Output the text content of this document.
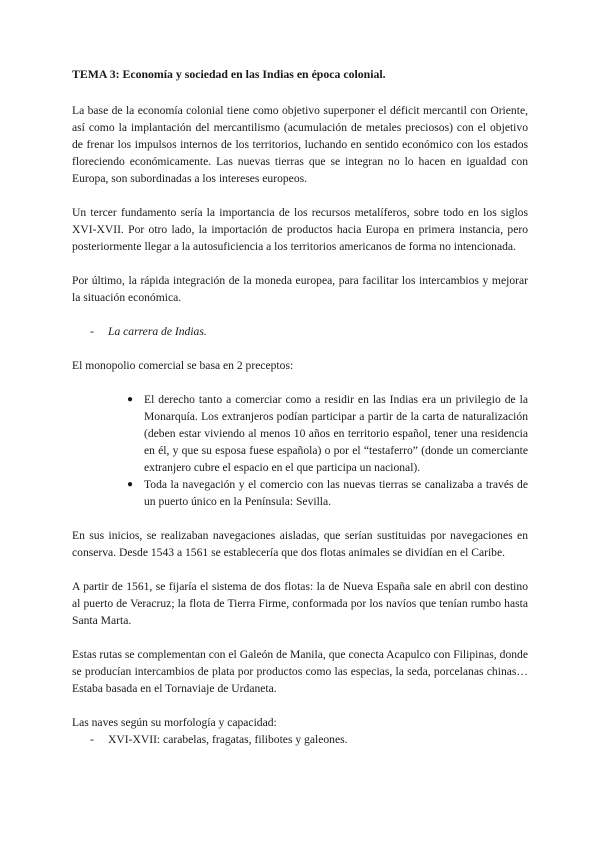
TEMA 3: Economía y sociedad en las Indias en época colonial.

La base de la economía colonial tiene como objetivo superponer el déficit mercantil con Oriente, así como la implantación del mercantilismo (acumulación de metales preciosos) con el objetivo de frenar los impulsos internos de los territorios, luchando en sentido económico con los estados floreciendo económicamente. Las nuevas tierras que se integran no lo hacen en igualdad con Europa, son subordinadas a los intereses europeos.

Un tercer fundamento sería la importancia de los recursos metalíferos, sobre todo en los siglos XVI-XVII. Por otro lado, la importación de productos hacia Europa en primera instancia, pero posteriormente llegar a la autosuficiencia a los territorios americanos de forma no intencionada.

Por último, la rápida integración de la moneda europea, para facilitar los intercambios y mejorar la situación económica.

- La carrera de Indias.

El monopolio comercial se basa en 2 preceptos:

● El derecho tanto a comerciar como a residir en las Indias era un privilegio de la Monarquía. Los extranjeros podían participar a partir de la carta de naturalización (deben estar viviendo al menos 10 años en territorio español, tener una residencia en él, y que su esposa fuese española) o por el “testaferro” (donde un comerciante extranjero cubre el espacio en el que participa un nacional).
● Toda la navegación y el comercio con las nuevas tierras se canalizaba a través de un puerto único en la Península: Sevilla.

En sus inicios, se realizaban navegaciones aisladas, que serían sustituidas por navegaciones en conserva. Desde 1543 a 1561 se establecería que dos flotas animales se dividían en el Caribe.

A partir de 1561, se fijaría el sistema de dos flotas: la de Nueva España sale en abril con destino al puerto de Veracruz; la flota de Tierra Firme, conformada por los navíos que tenían rumbo hasta Santa Marta.

Estas rutas se complementan con el Galeón de Manila, que conecta Acapulco con Filipinas, donde se producían intercambios de plata por productos como las especias, la seda, porcelanas chinas… Estaba basada en el Tornaviaje de Urdaneta.

Las naves según su morfología y capacidad:

- XVI-XVII: carabelas, fragatas, filibotes y galeones.
